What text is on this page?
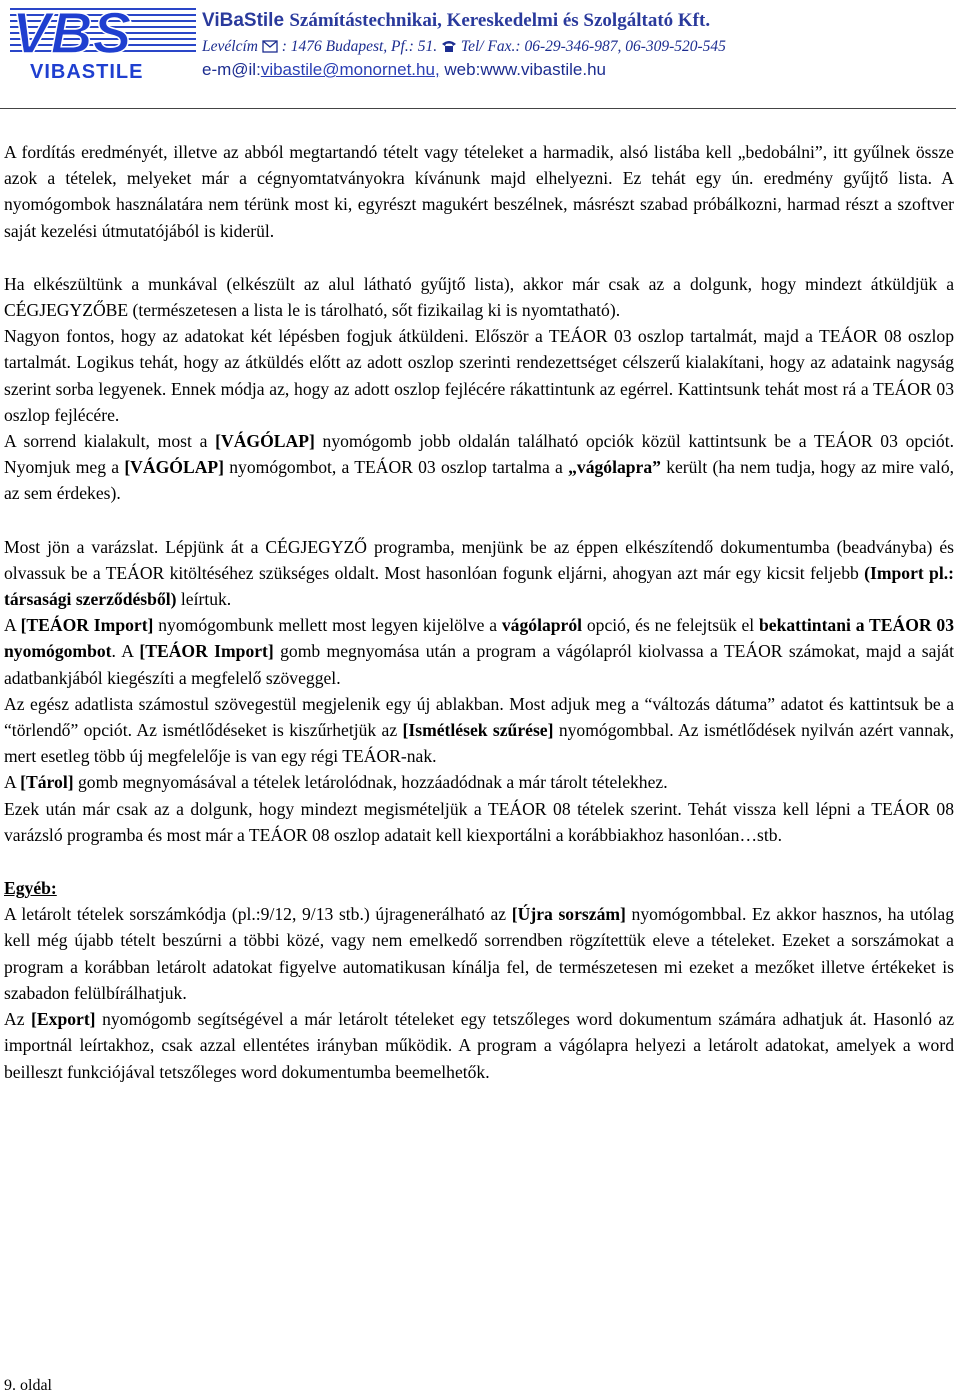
VBS
VIBASTILE
ViBaStile Számítástechnikai, Kereskedelmi és Szolgáltató Kft.
Levélcím : 1476 Budapest, Pf.: 51. Tel/ Fax.: 06-29-346-987, 06-309-520-545
e-m@il:vibastile@monornet.hu, web:www.vibastile.hu

A fordítás eredményét, illetve az abból megtartandó tételt vagy tételeket a harmadik, alsó listába kell „bedobálni”, itt gyűlnek össze azok a tételek, melyeket már a cégnyomtatványokra kívánunk majd elhelyezni. Ez tehát egy ún. eredmény gyűjtő lista. A nyomógombok használatára nem térünk most ki, egyrészt magukért beszélnek, másrészt szabad próbálkozni, harmad részt a szoftver saját kezelési útmutatójából is kiderül.

Ha elkészültünk a munkával (elkészült az alul látható gyűjtő lista), akkor már csak az a dolgunk, hogy mindezt átküldjük a CÉGJEGYZŐBE (természetesen a lista le is tárolható, sőt fizikailag ki is nyomtatható).

Nagyon fontos, hogy az adatokat két lépésben fogjuk átküldeni. Először a TEÁOR 03 oszlop tartalmát, majd a TEÁOR 08 oszlop tartalmát. Logikus tehát, hogy az átküldés előtt az adott oszlop szerinti rendezettséget célszerű kialakítani, hogy az adataink nagyság szerint sorba legyenek. Ennek módja az, hogy az adott oszlop fejlécére rákattintunk az egérrel. Kattintsunk tehát most rá a TEÁOR 03 oszlop fejlécére.

A sorrend kialakult, most a [VÁGÓLAP] nyomógomb jobb oldalán található opciók közül kattintsunk be a TEÁOR 03 opciót. Nyomjuk meg a [VÁGÓLAP] nyomógombot, a TEÁOR 03 oszlop tartalma a „vágólapra” került (ha nem tudja, hogy az mire való, az sem érdekes).

Most jön a varázslat. Lépjünk át a CÉGJEGYZŐ programba, menjünk be az éppen elkészítendő dokumentumba (beadványba) és olvassuk be a TEÁOR kitöltéséhez szükséges oldalt. Most hasonlóan fogunk eljárni, ahogyan azt már egy kicsit feljebb (Import pl.: társasági szerződésből) leírtuk.

A [TEÁOR Import] nyomógombunk mellett most legyen kijelölve a vágólapról opció, és ne felejtsük el bekattintani a TEÁOR 03 nyomógombot. A [TEÁOR Import] gomb megnyomása után a program a vágólapról kiolvassa a TEÁOR számokat, majd a saját adatbankjából kiegészíti a megfelelő szöveggel.

Az egész adatlista számostul szövegestül megjelenik egy új ablakban. Most adjuk meg a “változás dátuma” adatot és kattintsuk be a “törlendő” opciót. Az ismétlődéseket is kiszűrhetjük az [Ismétlések szűrése] nyomógombbal. Az ismétlődések nyilván azért vannak, mert esetleg több új megfelelője is van egy régi TEÁOR-nak.

A [Tárol] gomb megnyomásával a tételek letárolódnak, hozzáadódnak a már tárolt tételekhez.

Ezek után már csak az a dolgunk, hogy mindezt megismételjük a TEÁOR 08 tételek szerint. Tehát vissza kell lépni a TEÁOR 08 varázsló programba és most már a TEÁOR 08 oszlop adatait kell kiexportálni a korábbiakhoz hasonlóan…stb.

Egyéb:

A letárolt tételek sorszámkódja (pl.:9/12, 9/13 stb.) újragenerálható az [Újra sorszám] nyomógombbal. Ez akkor hasznos, ha utólag kell még újabb tételt beszúrni a többi közé, vagy nem emelkedő sorrendben rögzítettük eleve a tételeket. Ezeket a sorszámokat a program a korábban letárolt adatokat figyelve automatikusan kínálja fel, de természetesen mi ezeket a mezőket illetve értékeket is szabadon felülbírálhatjuk.

Az [Export] nyomógomb segítségével a már letárolt tételeket egy tetszőleges word dokumentum számára adhatjuk át. Hasonló az importnál leírtakhoz, csak azzal ellentétes irányban működik. A program a vágólapra helyezi a letárolt adatokat, amelyek a word beilleszt funkciójával tetszőleges word dokumentumba beemelhetők.

9. oldal
